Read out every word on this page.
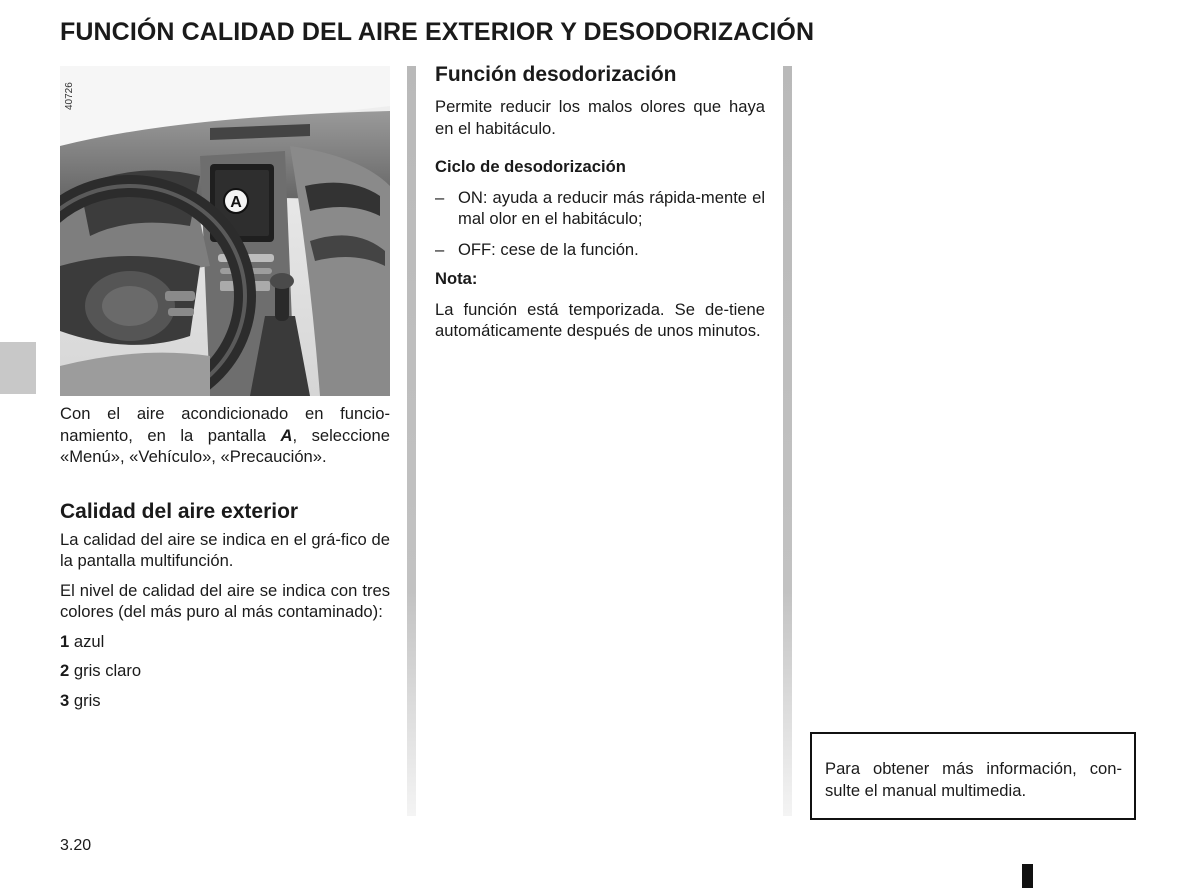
FUNCIÓN CALIDAD DEL AIRE EXTERIOR Y DESODORIZACIÓN
A
40726

Con el aire acondicionado en funcio-namiento, en la pantalla A, seleccione «Menú», «Vehículo», «Precaución».

Calidad del aire exterior

La calidad del aire se indica en el grá-fico de la pantalla multifunción.

El nivel de calidad del aire se indica con tres colores (del más puro al más contaminado):

1 azul

2 gris claro

3 gris

Función desodorización

Permite reducir los malos olores que haya en el habitáculo.

Ciclo de desodorización

– ON: ayuda a reducir más rápida-mente el mal olor en el habitáculo;

– OFF: cese de la función.

Nota:

La función está temporizada. Se de-tiene automáticamente después de unos minutos.

Para obtener más información, con-sulte el manual multimedia.
3.20
